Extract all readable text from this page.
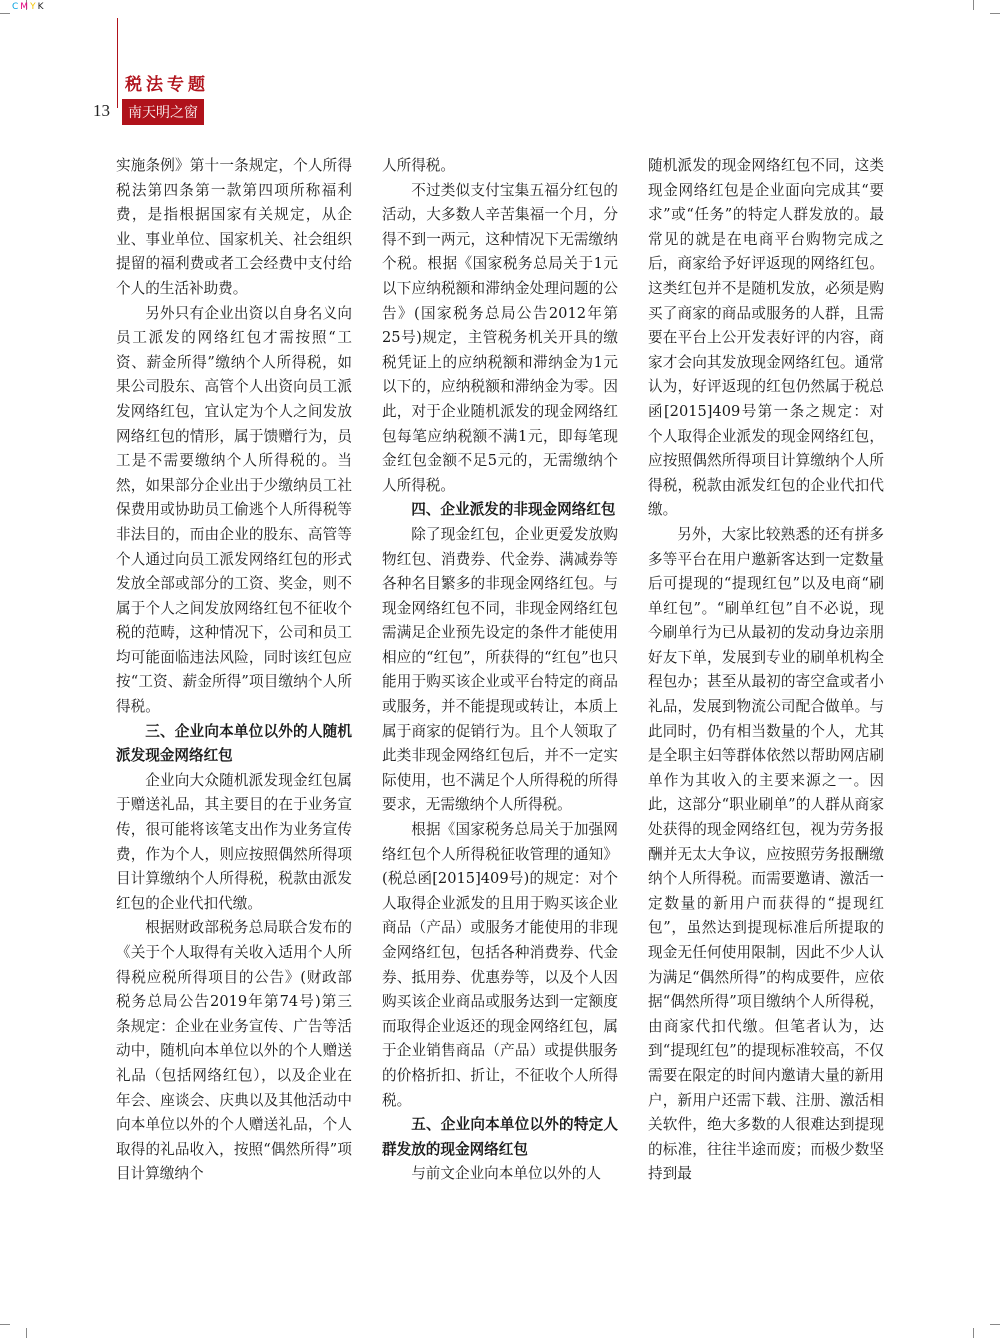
CMYK
税法专题
13 南天明之窗

实施条例》第十一条规定，个人所得税法第四条第一款第四项所称福利费，是指根据国家有关规定，从企业、事业单位、国家机关、社会组织提留的福利费或者工会经费中支付给个人的生活补助费。

另外只有企业出资以自身名义向员工派发的网络红包才需按照“工资、薪金所得”缴纳个人所得税，如果公司股东、高管个人出资向员工派发网络红包，宜认定为个人之间发放网络红包的情形，属于馈赠行为，员工是不需要缴纳个人所得税的。当然，如果部分企业出于少缴纳员工社保费用或协助员工偷逃个人所得税等非法目的，而由企业的股东、高管等个人通过向员工派发网络红包的形式发放全部或部分的工资、奖金，则不属于个人之间发放网络红包不征收个税的范畴，这种情况下，公司和员工均可能面临违法风险，同时该红包应按“工资、薪金所得”项目缴纳个人所得税。

三、企业向本单位以外的人随机派发现金网络红包

企业向大众随机派发现金红包属于赠送礼品，其主要目的在于业务宣传，很可能将该笔支出作为业务宣传费，作为个人，则应按照偶然所得项目计算缴纳个人所得税，税款由派发红包的企业代扣代缴。

根据财政部税务总局联合发布的《关于个人取得有关收入适用个人所得税应税所得项目的公告》(财政部税务总局公告2019年第74号)第三条规定：企业在业务宣传、广告等活动中，随机向本单位以外的个人赠送礼品（包括网络红包），以及企业在年会、座谈会、庆典以及其他活动中向本单位以外的个人赠送礼品，个人取得的礼品收入，按照“偶然所得”项目计算缴纳个

人所得税。

不过类似支付宝集五福分红包的活动，大多数人辛苦集福一个月，分得不到一两元，这种情况下无需缴纳个税。根据《国家税务总局关于1元以下应纳税额和滞纳金处理问题的公告》(国家税务总局公告2012年第25号)规定，主管税务机关开具的缴税凭证上的应纳税额和滞纳金为1元以下的，应纳税额和滞纳金为零。因此，对于企业随机派发的现金网络红包每笔应纳税额不满1元，即每笔现金红包金额不足5元的，无需缴纳个人所得税。

四、企业派发的非现金网络红包

除了现金红包，企业更爱发放购物红包、消费券、代金券、满减券等各种名目繁多的非现金网络红包。与现金网络红包不同，非现金网络红包需满足企业预先设定的条件才能使用相应的“红包”，所获得的“红包”也只能用于购买该企业或平台特定的商品或服务，并不能提现或转让，本质上属于商家的促销行为。且个人领取了此类非现金网络红包后，并不一定实际使用，也不满足个人所得税的所得要求，无需缴纳个人所得税。

根据《国家税务总局关于加强网络红包个人所得税征收管理的通知》(税总函[2015]409号)的规定：对个人取得企业派发的且用于购买该企业商品（产品）或服务才能使用的非现金网络红包，包括各种消费券、代金券、抵用券、优惠券等，以及个人因购买该企业商品或服务达到一定额度而取得企业返还的现金网络红包，属于企业销售商品（产品）或提供服务的价格折扣、折让，不征收个人所得税。

五、企业向本单位以外的特定人群发放的现金网络红包

与前文企业向本单位以外的人

随机派发的现金网络红包不同，这类现金网络红包是企业面向完成其“要求”或“任务”的特定人群发放的。最常见的就是在电商平台购物完成之后，商家给予好评返现的网络红包。这类红包并不是随机发放，必须是购买了商家的商品或服务的人群，且需要在平台上公开发表好评的内容，商家才会向其发放现金网络红包。通常认为，好评返现的红包仍然属于税总函[2015]409号第一条之规定：对个人取得企业派发的现金网络红包，应按照偶然所得项目计算缴纳个人所得税，税款由派发红包的企业代扣代缴。

另外，大家比较熟悉的还有拼多多等平台在用户邀新客达到一定数量后可提现的“提现红包”以及电商“刷单红包”。“刷单红包”自不必说，现今刷单行为已从最初的发动身边亲朋好友下单，发展到专业的刷单机构全程包办；甚至从最初的寄空盒或者小礼品，发展到物流公司配合做单。与此同时，仍有相当数量的个人，尤其是全职主妇等群体依然以帮助网店刷单作为其收入的主要来源之一。因此，这部分“职业刷单”的人群从商家处获得的现金网络红包，视为劳务报酬并无太大争议，应按照劳务报酬缴纳个人所得税。而需要邀请、激活一定数量的新用户而获得的“提现红包”，虽然达到提现标准后所提取的现金无任何使用限制，因此不少人认为满足“偶然所得”的构成要件，应依据“偶然所得”项目缴纳个人所得税，由商家代扣代缴。但笔者认为，达到“提现红包”的提现标准较高，不仅需要在限定的时间内邀请大量的新用户，新用户还需下载、注册、激活相关软件，绝大多数的人很难达到提现的标准，往往半途而废；而极少数坚持到最
